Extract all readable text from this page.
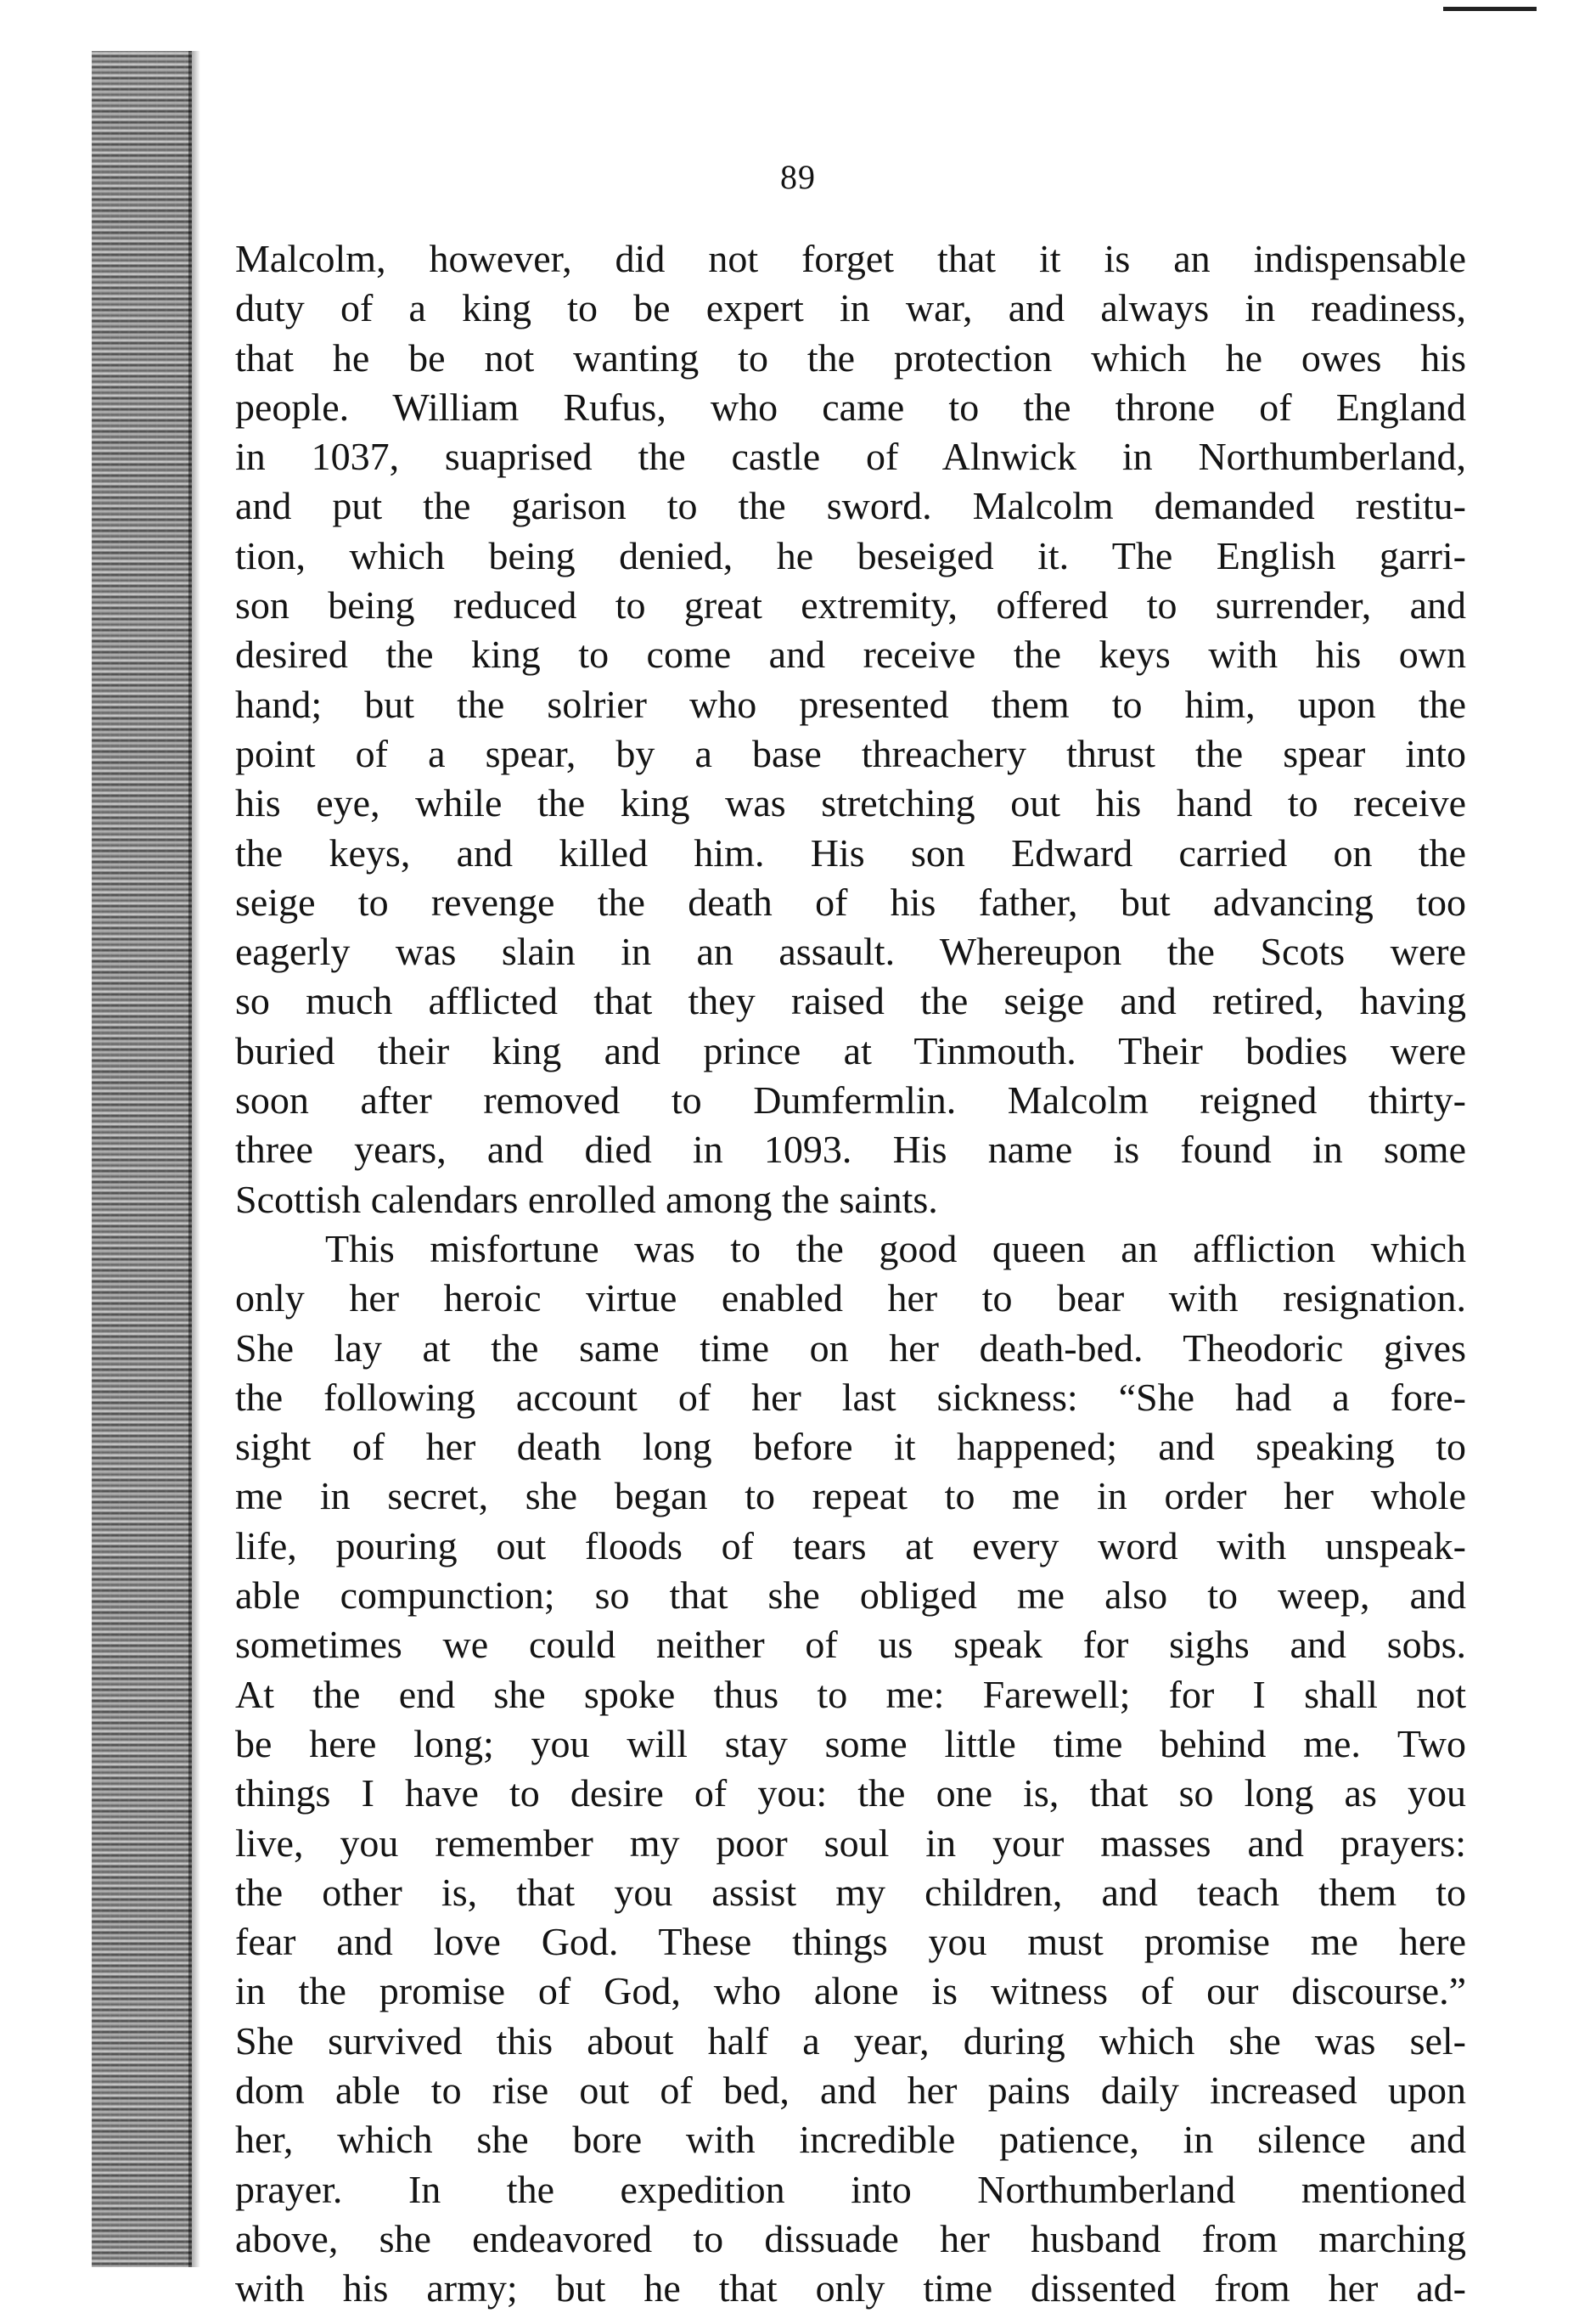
89
Malcolm, however, did not forget that it is an indispensable
duty of a king to be expert in war, and always in readiness,
that he be not wanting to the protection which he owes his
people. William Rufus, who came to the throne of England
in 1037, suaprised the castle of Alnwick in Northumberland,
and put the garison to the sword. Malcolm demanded restitu-
tion, which being denied, he beseiged it. The English garri-
son being reduced to great extremity, offered to surrender, and
desired the king to come and receive the keys with his own
hand; but the solrier who presented them to him, upon the
point of a spear, by a base threachery thrust the spear into
his eye, while the king was stretching out his hand to receive
the keys, and killed him. His son Edward carried on the
seige to revenge the death of his father, but advancing too
eagerly was slain in an assault. Whereupon the Scots were
so much afflicted that they raised the seige and retired, having
buried their king and prince at Tinmouth. Their bodies were
soon after removed to Dumfermlin. Malcolm reigned thirty-
three years, and died in 1093. His name is found in some
Scottish calendars enrolled among the saints.
This misfortune was to the good queen an affliction which
only her heroic virtue enabled her to bear with resignation.
She lay at the same time on her death-bed. Theodoric gives
the following account of her last sickness: “She had a fore-
sight of her death long before it happened; and speaking to
me in secret, she began to repeat to me in order her whole
life, pouring out floods of tears at every word with unspeak-
able compunction; so that she obliged me also to weep, and
sometimes we could neither of us speak for sighs and sobs.
At the end she spoke thus to me: Farewell; for I shall not
be here long; you will stay some little time behind me. Two
things I have to desire of you: the one is, that so long as you
live, you remember my poor soul in your masses and prayers:
the other is, that you assist my children, and teach them to
fear and love God. These things you must promise me here
in the promise of God, who alone is witness of our discourse.”
She survived this about half a year, during which she was sel-
dom able to rise out of bed, and her pains daily increased upon
her, which she bore with incredible patience, in silence and
prayer. In the expedition into Northumberland mentioned
above, she endeavored to dissuade her husband from marching
with his army; but he that only time dissented from her ad-
